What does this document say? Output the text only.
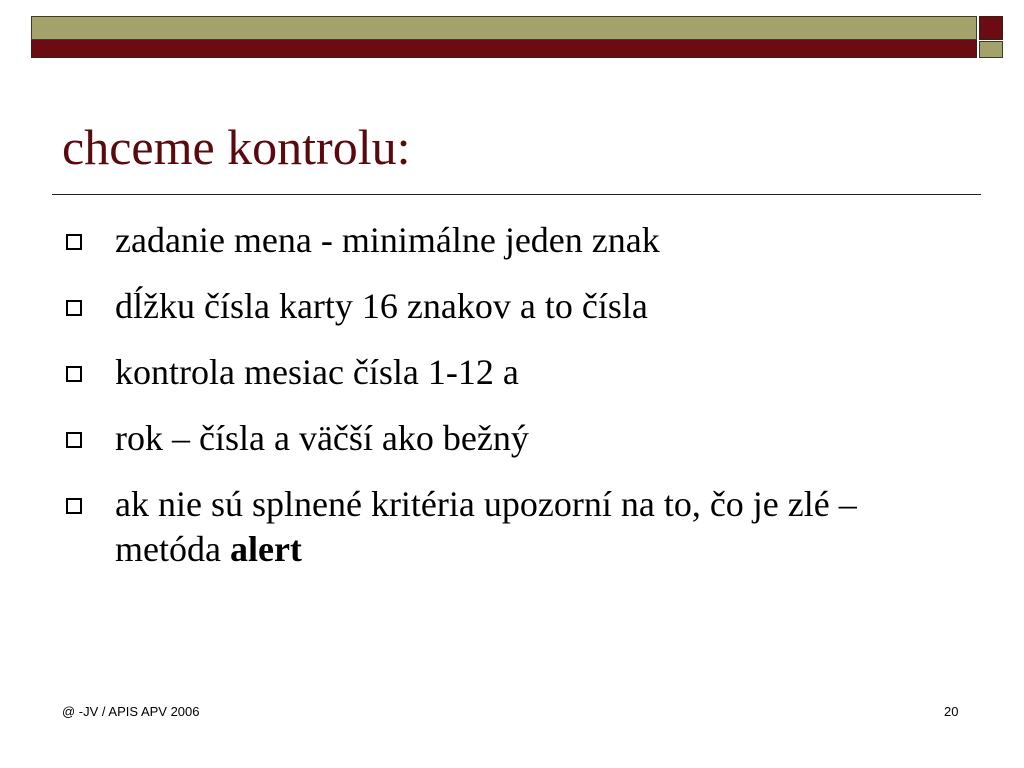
chceme kontrolu:
zadanie mena - minimálne jeden znak
dĺžku čísla karty 16 znakov a to čísla
kontrola mesiac čísla 1-12 a
rok – čísla a väčší ako bežný
ak nie sú splnené kritéria upozorní na to, čo je zlé – metóda alert
@ -JV / APIS APV 2006	20
